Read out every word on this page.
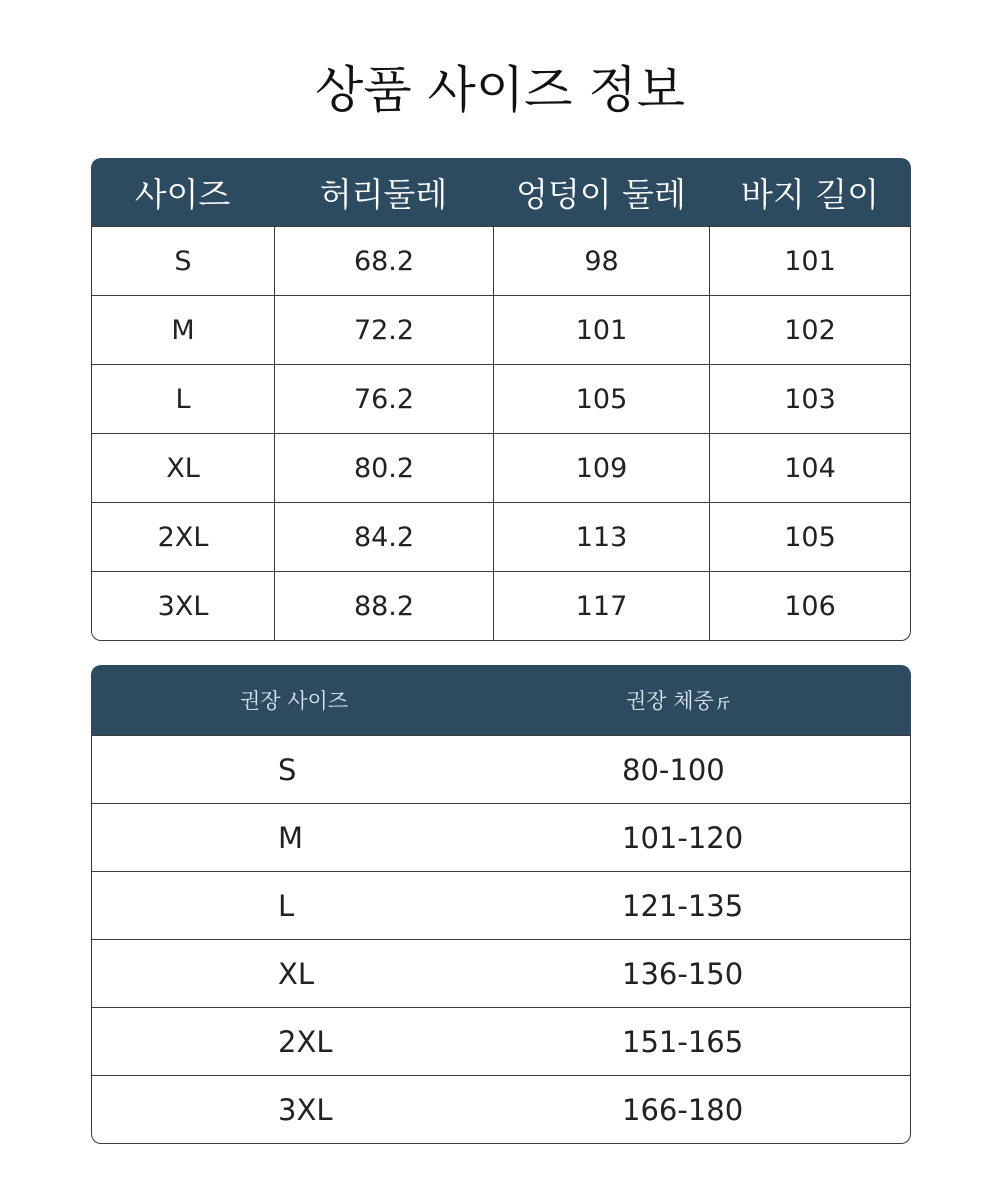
상품 사이즈 정보
사이즈	허리둘레	엉덩이 둘레	바지 길이
S	68.2	98	101
M	72.2	101	102
L	76.2	105	103
XL	80.2	109	104
2XL	84.2	113	105
3XL	88.2	117	106
권장 사이즈	권장 체중 斤
S	80-100
M	101-120
L	121-135
XL	136-150
2XL	151-165
3XL	166-180
